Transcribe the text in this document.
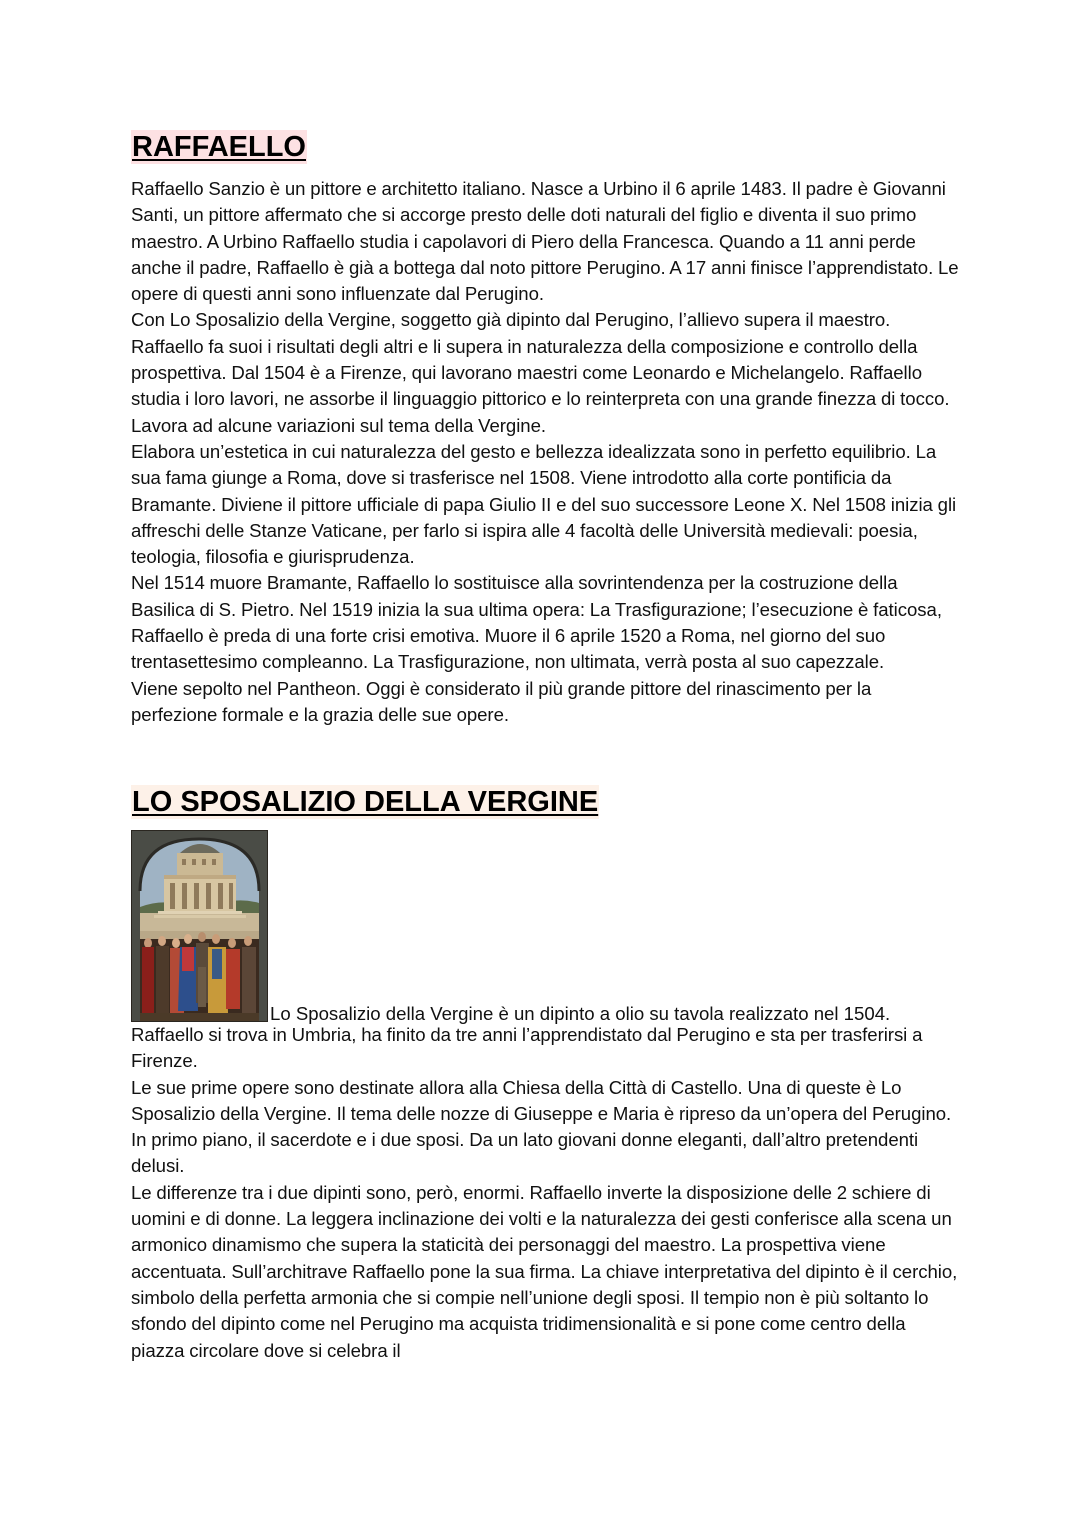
RAFFAELLO

Raffaello Sanzio è un pittore e architetto italiano. Nasce a Urbino il 6 aprile 1483. Il padre è Giovanni Santi, un pittore affermato che si accorge presto delle doti naturali del figlio e diventa il suo primo maestro. A Urbino Raffaello studia i capolavori di Piero della Francesca. Quando a 11 anni perde anche il padre, Raffaello è già a bottega dal noto pittore Perugino. A 17 anni finisce l’apprendistato. Le opere di questi anni sono influenzate dal Perugino.

Con Lo Sposalizio della Vergine, soggetto già dipinto dal Perugino, l’allievo supera il maestro. Raffaello fa suoi i risultati degli altri e li supera in naturalezza della composizione e controllo della prospettiva. Dal 1504 è a Firenze, qui lavorano maestri come Leonardo e Michelangelo. Raffaello studia i loro lavori, ne assorbe il linguaggio pittorico e lo reinterpreta con una grande finezza di tocco. Lavora ad alcune variazioni sul tema della Vergine.

Elabora un’estetica in cui naturalezza del gesto e bellezza idealizzata sono in perfetto equilibrio. La sua fama giunge a Roma, dove si trasferisce nel 1508. Viene introdotto alla corte pontificia da Bramante. Diviene il pittore ufficiale di papa Giulio II e del suo successore Leone X. Nel 1508 inizia gli affreschi delle Stanze Vaticane, per farlo si ispira alle 4 facoltà delle Università medievali: poesia, teologia, filosofia e giurisprudenza.

Nel 1514 muore Bramante, Raffaello lo sostituisce alla sovrintendenza per la costruzione della Basilica di S. Pietro. Nel 1519 inizia la sua ultima opera: La Trasfigurazione; l’esecuzione è faticosa, Raffaello è preda di una forte crisi emotiva. Muore il 6 aprile 1520 a Roma, nel giorno del suo trentasettesimo compleanno. La Trasfigurazione, non ultimata, verrà posta al suo capezzale.

Viene sepolto nel Pantheon. Oggi è considerato il più grande pittore del rinascimento per la perfezione formale e la grazia delle sue opere.

LO SPOSALIZIO DELLA VERGINE
Lo Sposalizio della Vergine è un dipinto a olio su tavola realizzato nel 1504.

Raffaello si trova in Umbria, ha finito da tre anni l’apprendistato dal Perugino e sta per trasferirsi a Firenze.

Le sue prime opere sono destinate allora alla Chiesa della Città di Castello. Una di queste è Lo Sposalizio della Vergine. Il tema delle nozze di Giuseppe e Maria è ripreso da un’opera del Perugino. In primo piano, il sacerdote e i due sposi. Da un lato giovani donne eleganti, dall’altro pretendenti delusi.

Le differenze tra i due dipinti sono, però, enormi. Raffaello inverte la disposizione delle 2 schiere di uomini e di donne. La leggera inclinazione dei volti e la naturalezza dei gesti conferisce alla scena un armonico dinamismo che supera la staticità dei personaggi del maestro. La prospettiva viene accentuata. Sull’architrave Raffaello pone la sua firma. La chiave interpretativa del dipinto è il cerchio, simbolo della perfetta armonia che si compie nell’unione degli sposi. Il tempio non è più soltanto lo sfondo del dipinto come nel Perugino ma acquista tridimensionalità e si pone come centro della piazza circolare dove si celebra il
